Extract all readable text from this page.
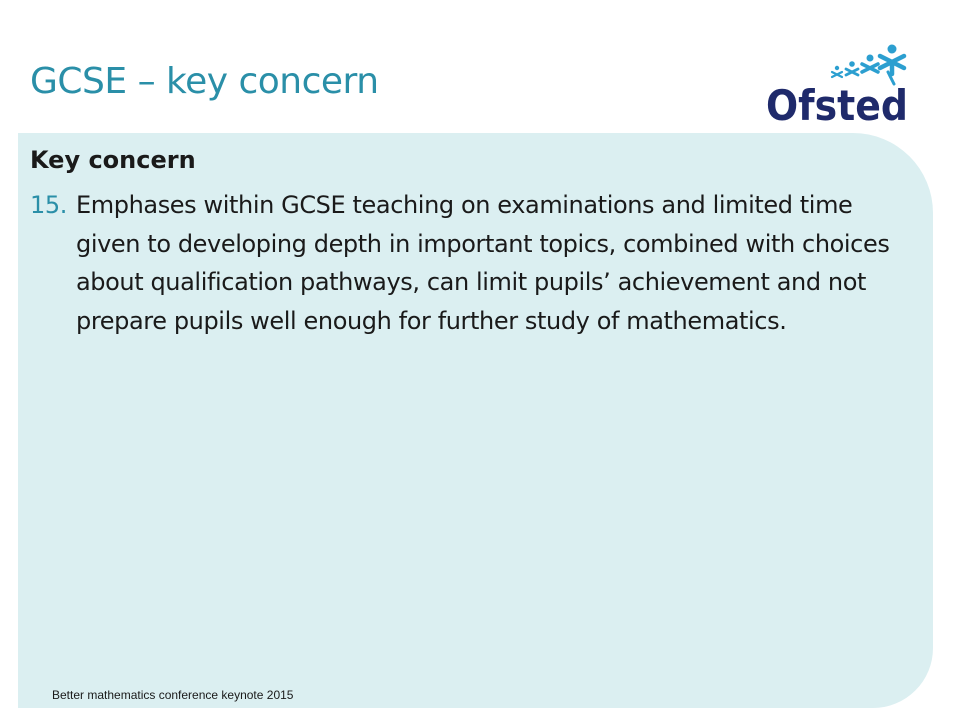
GCSE – key concern	Ofsted
Key concern
15. Emphases within GCSE teaching on examinations and limited time given to developing depth in important topics, combined with choices about qualification pathways, can limit pupils’ achievement and not prepare pupils well enough for further study of mathematics.

Better mathematics conference keynote 2015
